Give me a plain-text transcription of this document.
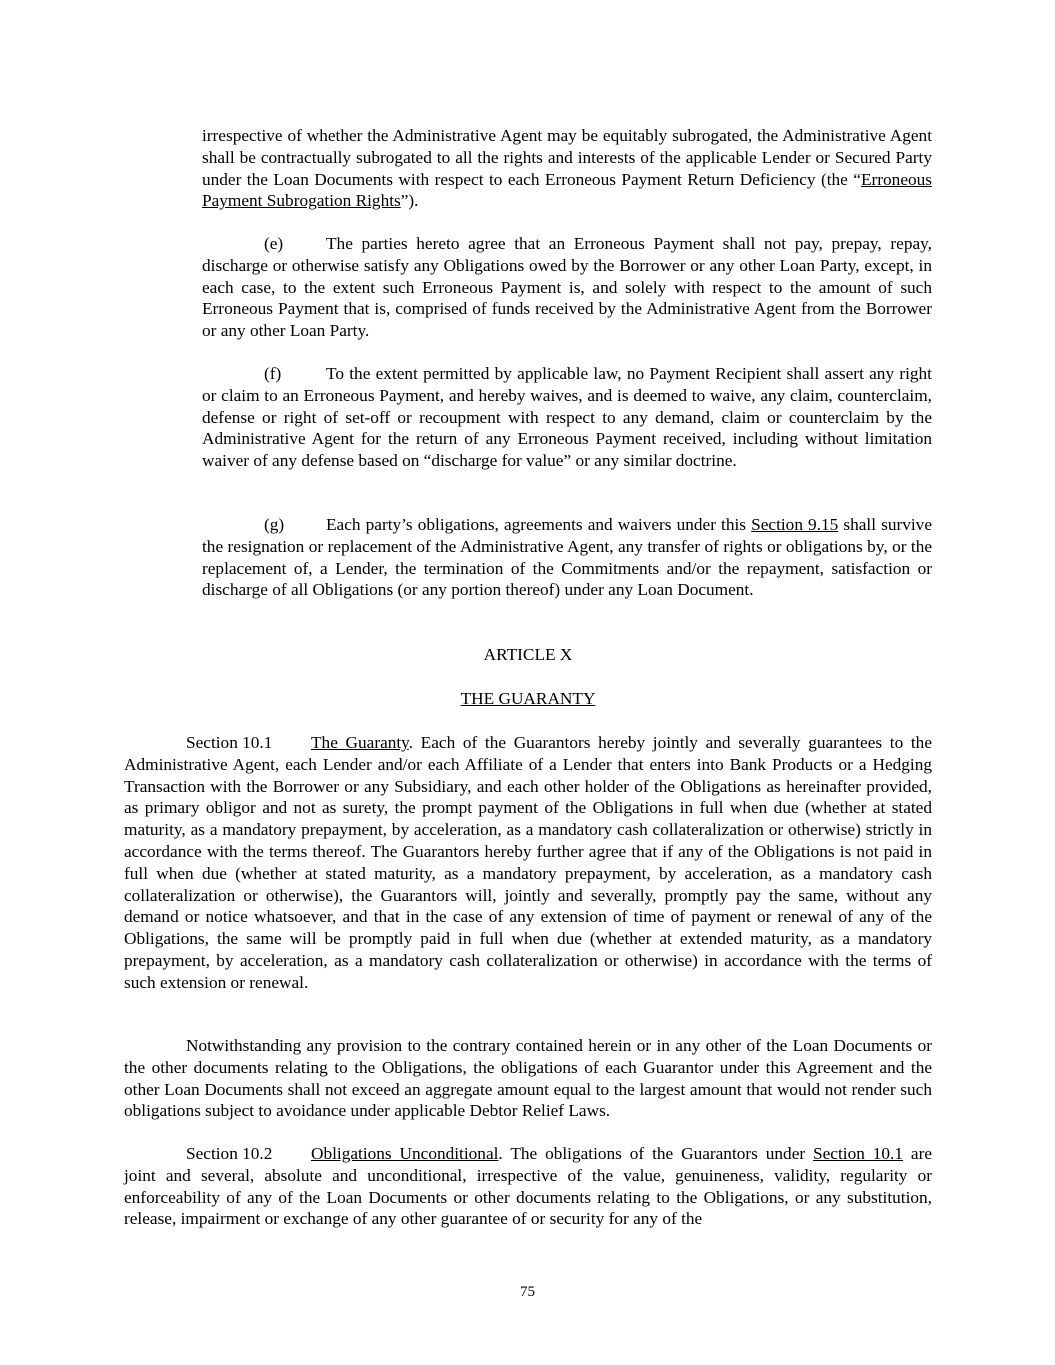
irrespective of whether the Administrative Agent may be equitably subrogated, the Administrative Agent shall be contractually subrogated to all the rights and interests of the applicable Lender or Secured Party under the Loan Documents with respect to each Erroneous Payment Return Deficiency (the “Erroneous Payment Subrogation Rights”).

(e) The parties hereto agree that an Erroneous Payment shall not pay, prepay, repay, discharge or otherwise satisfy any Obligations owed by the Borrower or any other Loan Party, except, in each case, to the extent such Erroneous Payment is, and solely with respect to the amount of such Erroneous Payment that is, comprised of funds received by the Administrative Agent from the Borrower or any other Loan Party.

(f)	To the extent permitted by applicable law, no Payment Recipient shall assert any right or claim to an Erroneous Payment, and hereby waives, and is deemed to waive, any claim, counterclaim, defense or right of set-off or recoupment with respect to any demand, claim or counterclaim by the Administrative Agent for the return of any Erroneous Payment received, including without limitation waiver of any defense based on “discharge for value” or any similar doctrine.

(g) Each party’s obligations, agreements and waivers under this Section 9.15 shall survive the resignation or replacement of the Administrative Agent, any transfer of rights or obligations by, or the replacement of, a Lender, the termination of the Commitments and/or the repayment, satisfaction or discharge of all Obligations (or any portion thereof) under any Loan Document.

ARTICLE X

THE GUARANTY

Section 10.1 The Guaranty. Each of the Guarantors hereby jointly and severally guarantees to the Administrative Agent, each Lender and/or each Affiliate of a Lender that enters into Bank Products or a Hedging Transaction with the Borrower or any Subsidiary, and each other holder of the Obligations as hereinafter provided, as primary obligor and not as surety, the prompt payment of the Obligations in full when due (whether at stated maturity, as a mandatory prepayment, by acceleration, as a mandatory cash collateralization or otherwise) strictly in accordance with the terms thereof. The Guarantors hereby further agree that if any of the Obligations is not paid in full when due (whether at stated maturity, as a mandatory prepayment, by acceleration, as a mandatory cash collateralization or otherwise), the Guarantors will, jointly and severally, promptly pay the same, without any demand or notice whatsoever, and that in the case of any extension of time of payment or renewal of any of the Obligations, the same will be promptly paid in full when due (whether at extended maturity, as a mandatory prepayment, by acceleration, as a mandatory cash collateralization or otherwise) in accordance with the terms of such extension or renewal.

Notwithstanding any provision to the contrary contained herein or in any other of the Loan Documents or the other documents relating to the Obligations, the obligations of each Guarantor under this Agreement and the other Loan Documents shall not exceed an aggregate amount equal to the largest amount that would not render such obligations subject to avoidance under applicable Debtor Relief Laws.

Section 10.2 Obligations Unconditional. The obligations of the Guarantors under Section 10.1 are joint and several, absolute and unconditional, irrespective of the value, genuineness, validity, regularity or enforceability of any of the Loan Documents or other documents relating to the Obligations, or any substitution, release, impairment or exchange of any other guarantee of or security for any of the

75
